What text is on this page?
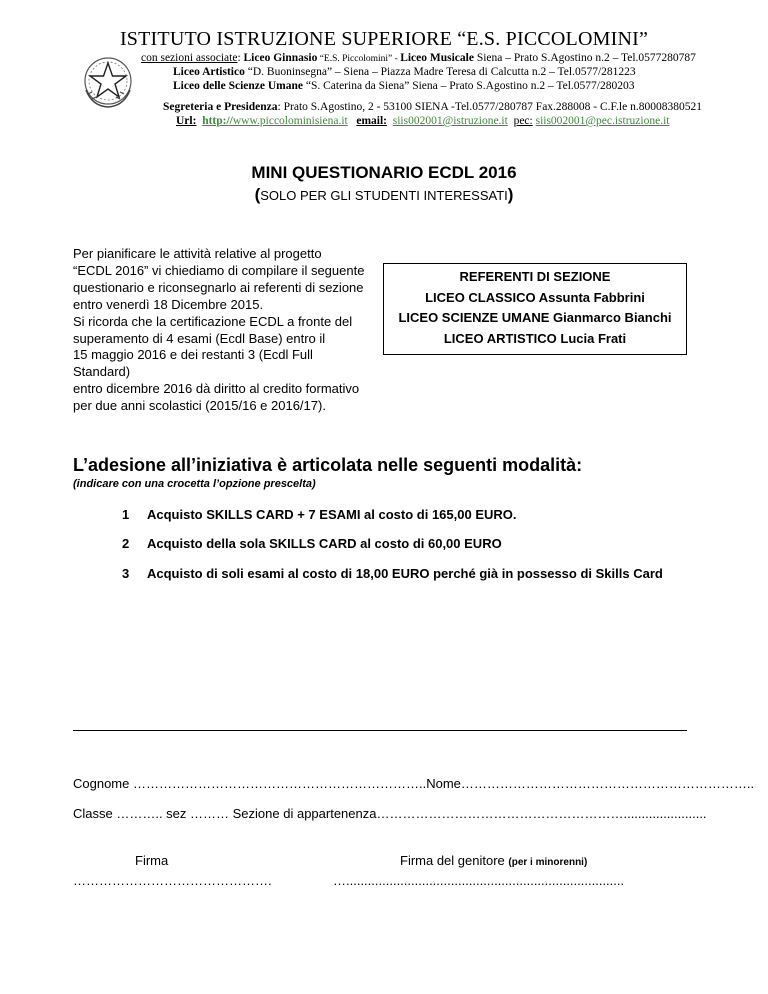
ISTITUTO ISTRUZIONE SUPERIORE “E.S. PICCOLOMINI”
con sezioni associate: Liceo Ginnasio “E.S. Piccolomini” - Liceo Musicale Siena – Prato S.Agostino n.2 – Tel.0577280787
Liceo Artistico “D. Buoninsegna” – Siena – Piazza Madre Teresa di Calcutta n.2 – Tel.0577/281223
Liceo delle Scienze Umane “S. Caterina da Siena” Siena – Prato S.Agostino n.2 – Tel.0577/280203
Segreteria e Presidenza: Prato S.Agostino, 2 - 53100 SIENA -Tel.0577/280787 Fax.288008 - C.F.le n.80008380521
Url: http://www.piccolominisiena.it email: siis002001@istruzione.it pec: siis002001@pec.istruzione.it
MINI QUESTIONARIO ECDL 2016
(SOLO PER GLI STUDENTI INTERESSATI)
Per pianificare le attività relative al progetto
“ECDL 2016” vi chiediamo di compilare il seguente
questionario e riconsegnarlo ai referenti di sezione
entro venerdì 18 Dicembre 2015.
Si ricorda che la certificazione ECDL a fronte del
superamento di 4 esami (Ecdl Base) entro il
15 maggio 2016 e dei restanti 3 (Ecdl Full Standard)
entro dicembre 2016 dà diritto al credito formativo
per due anni scolastici (2015/16 e 2016/17).
REFERENTI DI SEZIONE
LICEO CLASSICO Assunta Fabbrini
LICEO SCIENZE UMANE Gianmarco Bianchi
LICEO ARTISTICO Lucia Frati
L’adesione all’iniziativa è articolata nelle seguenti modalità:
(indicare con una crocetta l’opzione prescelta)
1 Acquisto SKILLS CARD + 7 ESAMI al costo di 165,00 EURO.
2 Acquisto della sola SKILLS CARD al costo di 60,00 EURO
3 Acquisto di soli esami al costo di 18,00 EURO perché già in possesso di Skills Card
Cognome …………………………………………………………..Nome…………………………………………………………..
Classe ……….. sez ……… Sezione di appartenenza………………………………………………….......................
Firma	Firma del genitore (per i minorenni)
……………………………………….	….............................................................................
